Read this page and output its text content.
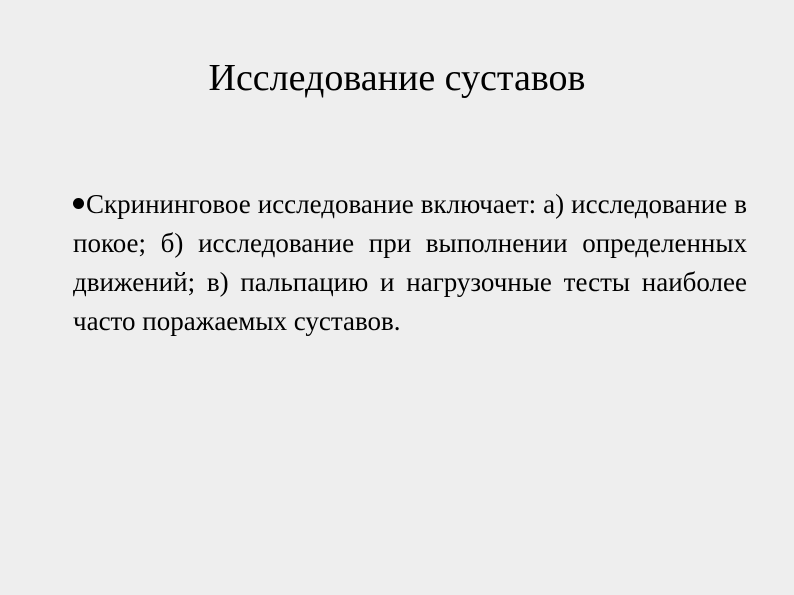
Исследование суставов
Скрининговое исследование включает: а) исследование в покое; б) исследование при выполнении определенных движений; в) пальпацию и нагрузочные тесты наиболее часто поражаемых суставов.
